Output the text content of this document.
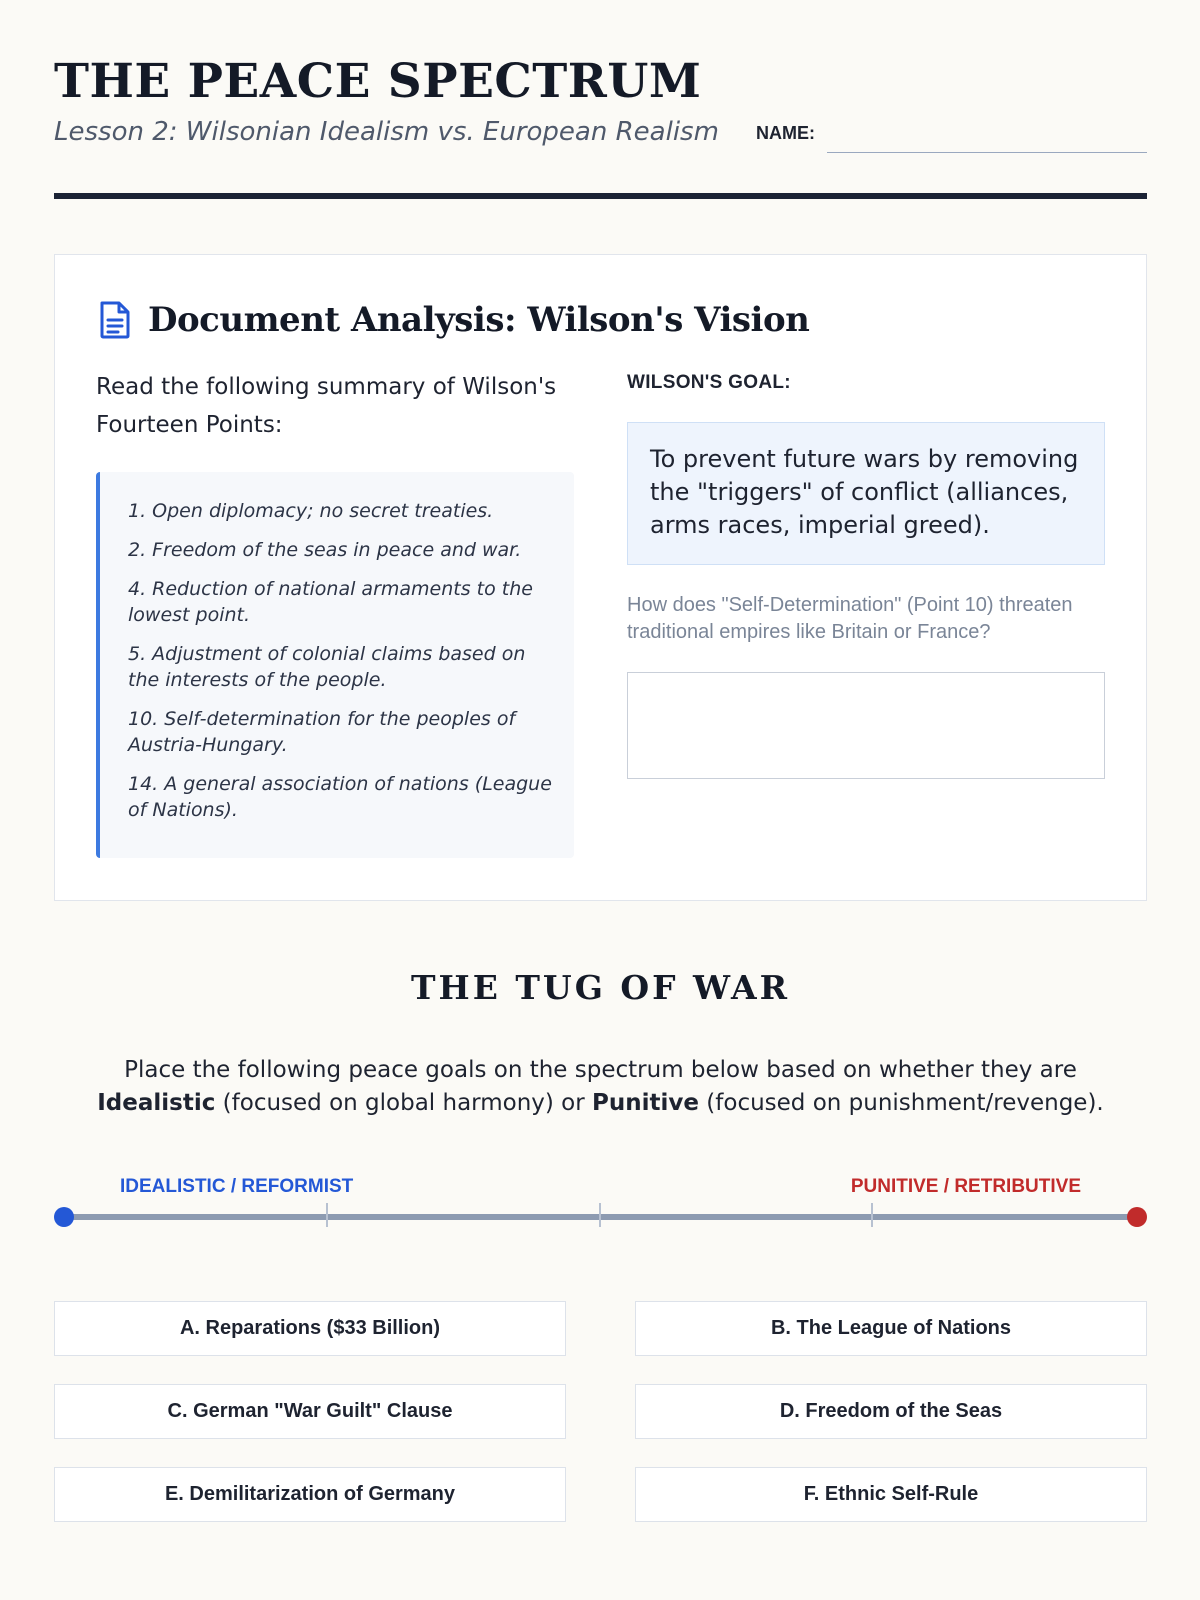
THE PEACE SPECTRUM
Lesson 2: Wilsonian Idealism vs. European Realism NAME:
Document Analysis: Wilson's Vision
Read the following summary of Wilson's Fourteen Points:
1. Open diplomacy; no secret treaties.
2. Freedom of the seas in peace and war.
4. Reduction of national armaments to the lowest point.
5. Adjustment of colonial claims based on the interests of the people.
10. Self-determination for the peoples of Austria-Hungary.
14. A general association of nations (League of Nations).
WILSON'S GOAL:
To prevent future wars by removing the "triggers" of conflict (alliances, arms races, imperial greed).
How does "Self-Determination" (Point 10) threaten traditional empires like Britain or France?
THE TUG OF WAR
Place the following peace goals on the spectrum below based on whether they are Idealistic (focused on global harmony) or Punitive (focused on punishment/revenge).
IDEALISTIC / REFORMIST	PUNITIVE / RETRIBUTIVE
A. Reparations ($33 Billion)	B. The League of Nations
C. German "War Guilt" Clause	D. Freedom of the Seas
E. Demilitarization of Germany	F. Ethnic Self-Rule
